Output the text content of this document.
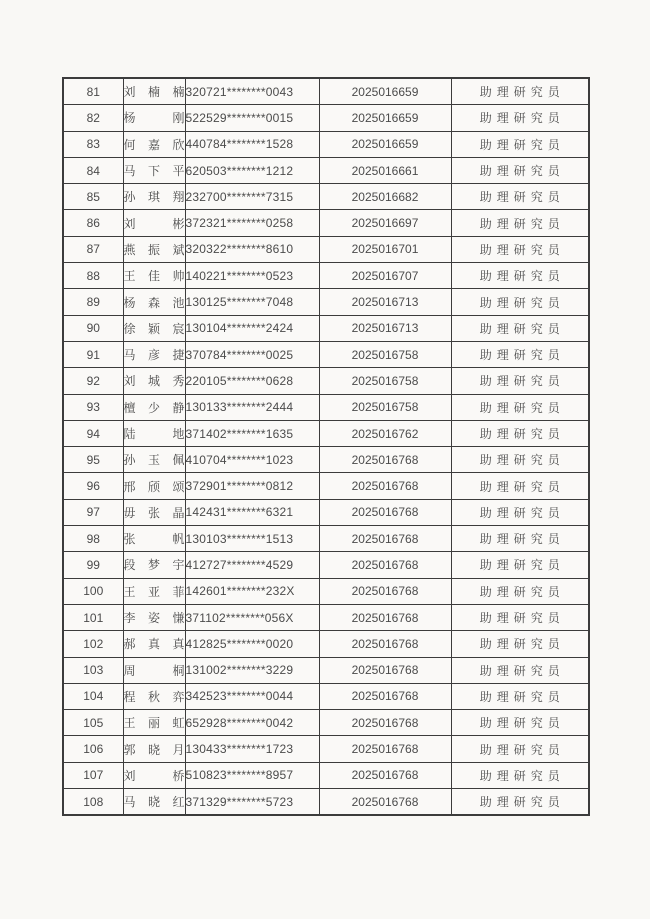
81	刘楠楠	320721********0043	2025016659	助理研究员
82	杨刚	522529********0015	2025016659	助理研究员
83	何嘉欣	440784********1528	2025016659	助理研究员
84	马下平	620503********1212	2025016661	助理研究员
85	孙琪翔	232700********7315	2025016682	助理研究员
86	刘彬	372321********0258	2025016697	助理研究员
87	燕振斌	320322********8610	2025016701	助理研究员
88	王佳帅	140221********0523	2025016707	助理研究员
89	杨森池	130125********7048	2025016713	助理研究员
90	徐颖宸	130104********2424	2025016713	助理研究员
91	马彦捷	370784********0025	2025016758	助理研究员
92	刘城秀	220105********0628	2025016758	助理研究员
93	檀少静	130133********2444	2025016758	助理研究员
94	陆地	371402********1635	2025016762	助理研究员
95	孙玉佩	410704********1023	2025016768	助理研究员
96	邢颀颂	372901********0812	2025016768	助理研究员
97	毋张晶	142431********6321	2025016768	助理研究员
98	张帆	130103********1513	2025016768	助理研究员
99	段梦宇	412727********4529	2025016768	助理研究员
100	王亚菲	142601********232X	2025016768	助理研究员
101	李姿慊	371102********056X	2025016768	助理研究员
102	郝真真	412825********0020	2025016768	助理研究员
103	周桐	131002********3229	2025016768	助理研究员
104	程秋弈	342523********0044	2025016768	助理研究员
105	王丽虹	652928********0042	2025016768	助理研究员
106	郭晓月	130433********1723	2025016768	助理研究员
107	刘桥	510823********8957	2025016768	助理研究员
108	马晓红	371329********5723	2025016768	助理研究员
